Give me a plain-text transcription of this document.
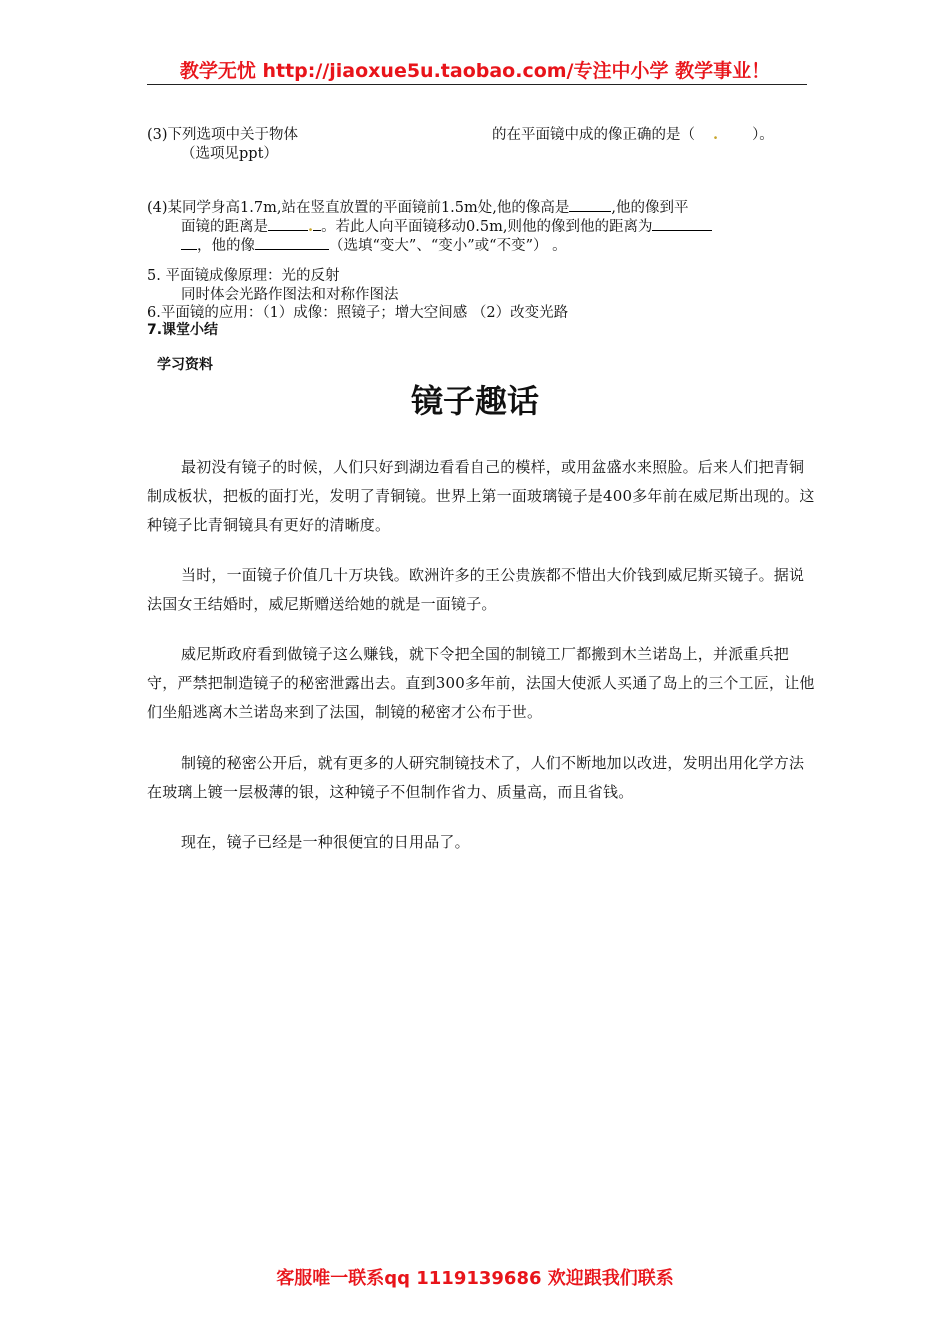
教学无忧 http://jiaoxue5u.taobao.com/专注中小学 教学事业！
(3)下列选项中关于物体	的在平面镜中成的像正确的是（ . ）。
（选项见ppt）
(4)某同学身高1.7m,站在竖直放置的平面镜前1.5m处,他的像高是	,他的像到平
面镜的距离是	. 。若此人向平面镜移动0.5m,则他的像到他的距离为
，他的像	（选填“变大”、“变小”或“不变”） 。
5. 平面镜成像原理：光的反射
同时体会光路作图法和对称作图法
6.平面镜的应用：（1）成像：照镜子；增大空间感 （2）改变光路
7.课堂小结
学习资料
镜子趣话

最初没有镜子的时候，人们只好到湖边看看自己的模样，或用盆盛水来照脸。后来人们把青铜制成板状，把板的面打光，发明了青铜镜。世界上第一面玻璃镜子是400多年前在威尼斯出现的。这种镜子比青铜镜具有更好的清晰度。

当时，一面镜子价值几十万块钱。欧洲许多的王公贵族都不惜出大价钱到威尼斯买镜子。据说法国女王结婚时，威尼斯赠送给她的就是一面镜子。

威尼斯政府看到做镜子这么赚钱，就下令把全国的制镜工厂都搬到木兰诺岛上，并派重兵把守，严禁把制造镜子的秘密泄露出去。直到300多年前，法国大使派人买通了岛上的三个工匠，让他们坐船逃离木兰诺岛来到了法国，制镜的秘密才公布于世。

制镜的秘密公开后，就有更多的人研究制镜技术了，人们不断地加以改进，发明出用化学方法在玻璃上镀一层极薄的银，这种镜子不但制作省力、质量高，而且省钱。

现在，镜子已经是一种很便宜的日用品了。

客服唯一联系qq 1119139686 欢迎跟我们联系
